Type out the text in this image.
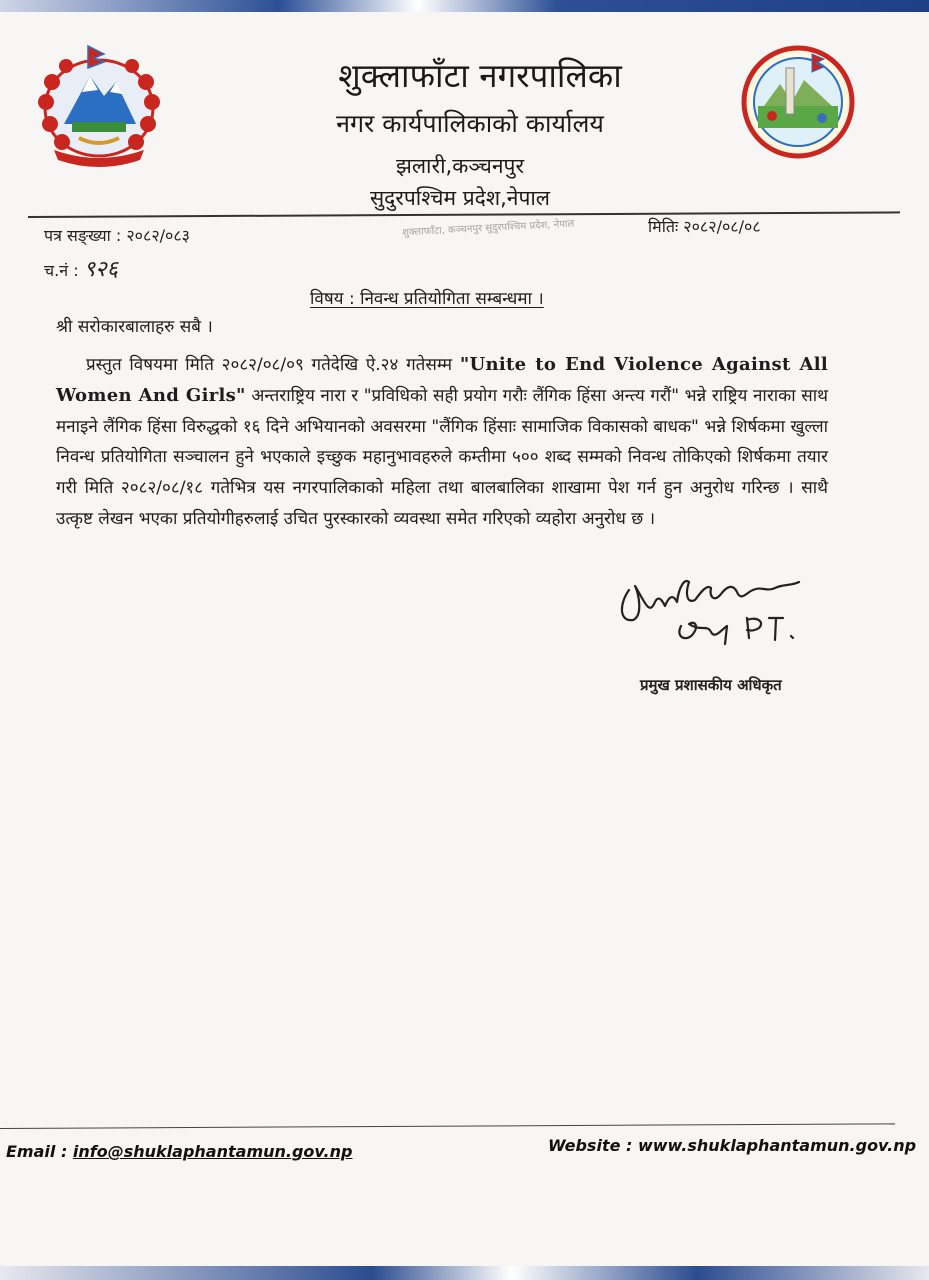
शुक्लाफाँटा नगरपालिका
नगर कार्यपालिकाको कार्यालय
झलारी,कञ्चनपुर
सुदुरपश्चिम प्रदेश,नेपाल
शुक्लाफाँटा, कञ्चनपुर सुदुरपश्चिम प्रदेश, नेपाल
पत्र सङ्ख्या : २०८२/०८३
च.नं : ९२६
मितिः २०८२/०८/०८
विषय : निवन्ध प्रतियोगिता सम्बन्धमा ।
श्री सरोकारबालाहरु सबै ।
प्रस्तुत विषयमा मिति २०८२/०८/०९ गतेदेखि ऐ.२४ गतेसम्म "Unite to End Violence Against All Women And Girls" अन्तराष्ट्रिय नारा र "प्रविधिको सही प्रयोग गरौः लैंगिक हिंसा अन्त्य गरौं" भन्ने राष्ट्रिय नाराका साथ मनाइने लैंगिक हिंसा विरुद्धको १६ दिने अभियानको अवसरमा "लैंगिक हिंसाः सामाजिक विकासको बाधक" भन्ने शिर्षकमा खुल्ला निवन्ध प्रतियोगिता सञ्चालन हुने भएकाले इच्छुक महानुभावहरुले कम्तीमा ५०० शब्द सम्मको निवन्ध तोकिएको शिर्षकमा तयार गरी मिति २०८२/०८/१८ गतेभित्र यस नगरपालिकाको महिला तथा बालबालिका शाखामा पेश गर्न हुन अनुरोध गरिन्छ । साथै उत्कृष्ट लेखन भएका प्रतियोगीहरुलाई उचित पुरस्कारको व्यवस्था समेत गरिएको व्यहोरा अनुरोध छ ।
प्रमुख प्रशासकीय अधिकृत
Email : info@shuklaphantamun.gov.np	Website : www.shuklaphantamun.gov.np
